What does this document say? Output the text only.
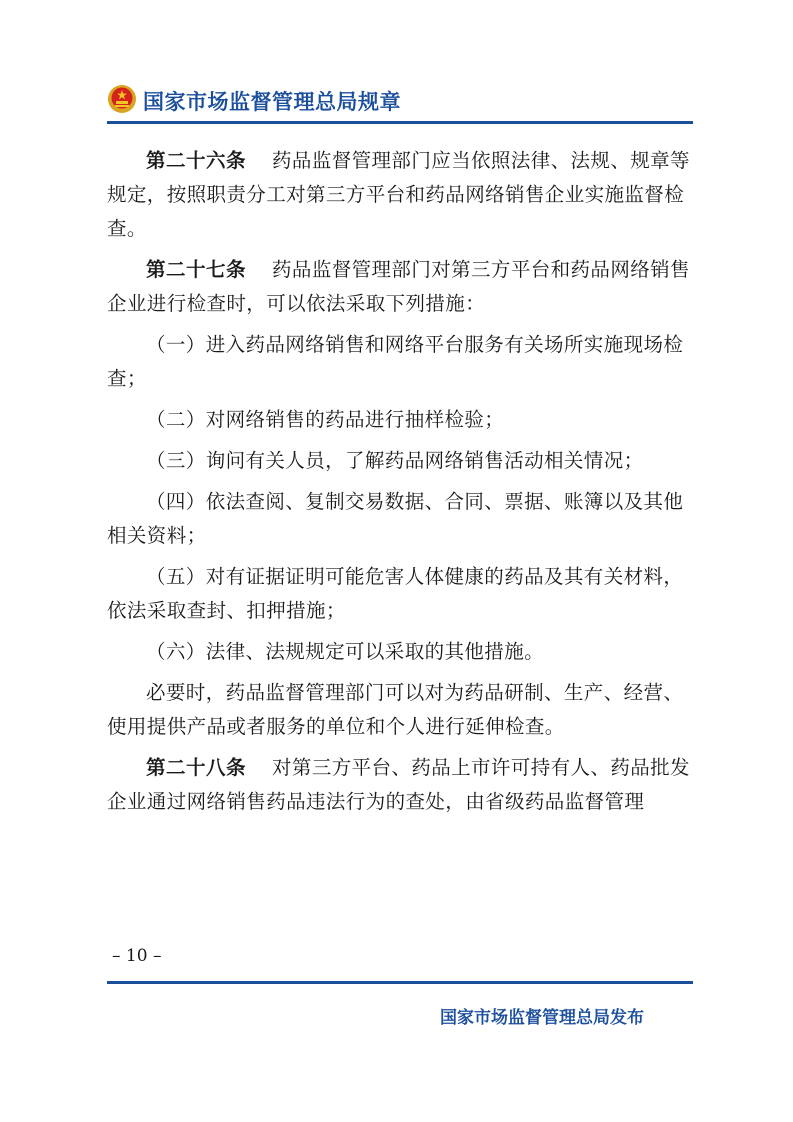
国家市场监督管理总局规章

第二十六条 药品监督管理部门应当依照法律、法规、规章等规定，按照职责分工对第三方平台和药品网络销售企业实施监督检查。

第二十七条 药品监督管理部门对第三方平台和药品网络销售企业进行检查时，可以依法采取下列措施：

（一）进入药品网络销售和网络平台服务有关场所实施现场检查；

（二）对网络销售的药品进行抽样检验；

（三）询问有关人员，了解药品网络销售活动相关情况；

（四）依法查阅、复制交易数据、合同、票据、账簿以及其他相关资料；

（五）对有证据证明可能危害人体健康的药品及其有关材料，依法采取查封、扣押措施；

（六）法律、法规规定可以采取的其他措施。

必要时，药品监督管理部门可以对为药品研制、生产、经营、使用提供产品或者服务的单位和个人进行延伸检查。

第二十八条 对第三方平台、药品上市许可持有人、药品批发企业通过网络销售药品违法行为的查处，由省级药品监督管理

– 10 –
国家市场监督管理总局发布
